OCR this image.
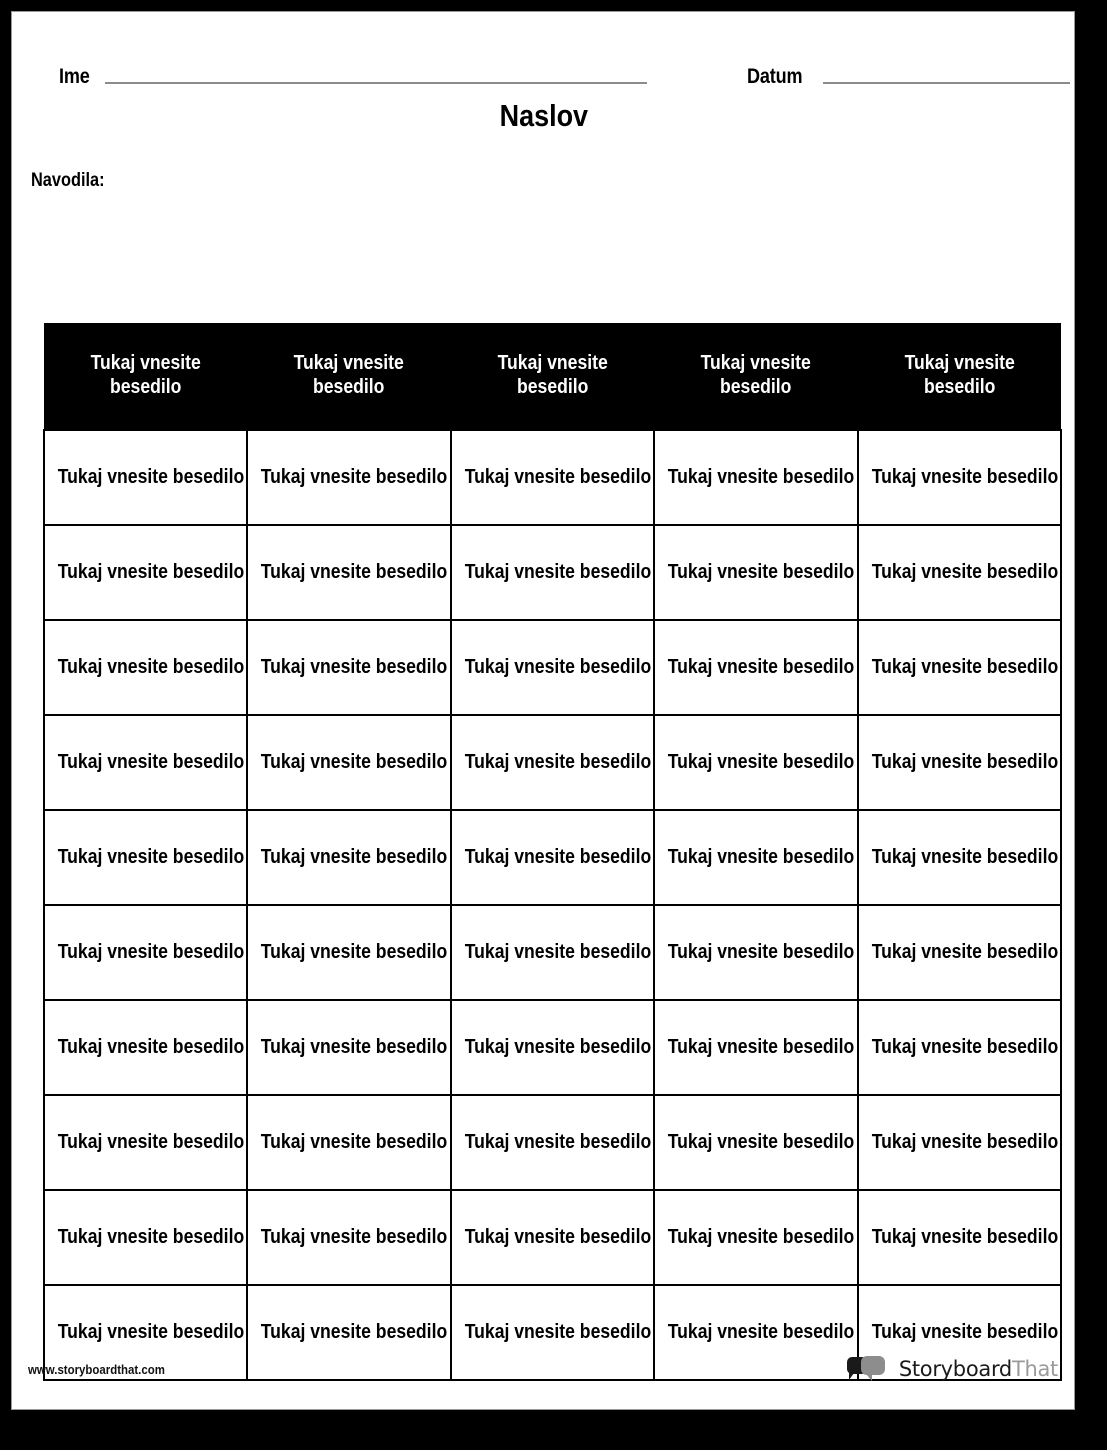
Ime	Datum
Naslov
Navodila:
Tukaj vnesite besedilo	Tukaj vnesite besedilo	Tukaj vnesite besedilo	Tukaj vnesite besedilo	Tukaj vnesite besedilo
Tukaj vnesite besedilo	Tukaj vnesite besedilo	Tukaj vnesite besedilo	Tukaj vnesite besedilo	Tukaj vnesite besedilo
Tukaj vnesite besedilo	Tukaj vnesite besedilo	Tukaj vnesite besedilo	Tukaj vnesite besedilo	Tukaj vnesite besedilo
Tukaj vnesite besedilo	Tukaj vnesite besedilo	Tukaj vnesite besedilo	Tukaj vnesite besedilo	Tukaj vnesite besedilo
Tukaj vnesite besedilo	Tukaj vnesite besedilo	Tukaj vnesite besedilo	Tukaj vnesite besedilo	Tukaj vnesite besedilo
Tukaj vnesite besedilo	Tukaj vnesite besedilo	Tukaj vnesite besedilo	Tukaj vnesite besedilo	Tukaj vnesite besedilo
Tukaj vnesite besedilo	Tukaj vnesite besedilo	Tukaj vnesite besedilo	Tukaj vnesite besedilo	Tukaj vnesite besedilo
Tukaj vnesite besedilo	Tukaj vnesite besedilo	Tukaj vnesite besedilo	Tukaj vnesite besedilo	Tukaj vnesite besedilo
Tukaj vnesite besedilo	Tukaj vnesite besedilo	Tukaj vnesite besedilo	Tukaj vnesite besedilo	Tukaj vnesite besedilo
Tukaj vnesite besedilo	Tukaj vnesite besedilo	Tukaj vnesite besedilo	Tukaj vnesite besedilo	Tukaj vnesite besedilo
Tukaj vnesite besedilo	Tukaj vnesite besedilo	Tukaj vnesite besedilo	Tukaj vnesite besedilo	Tukaj vnesite besedilo
www.storyboardthat.com	StoryboardThat
